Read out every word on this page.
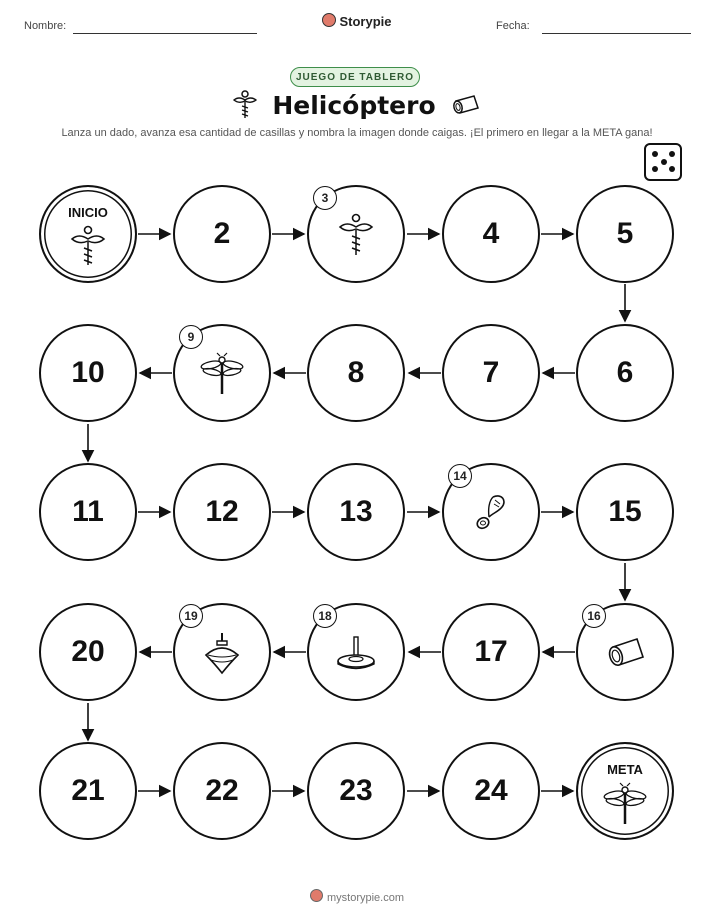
Nombre:	Storypie	Fecha:
JUEGO DE TABLERO
Helicóptero
Lanza un dado, avanza esa cantidad de casillas y nombra la imagen donde caigas. ¡El primero en llegar a la META gana!
INICIO
2
3
4	5
10
9
8	7	6
11	12	13
14
15
20
19	18
17
16
21	22	23	24
META
mystorypie.com
